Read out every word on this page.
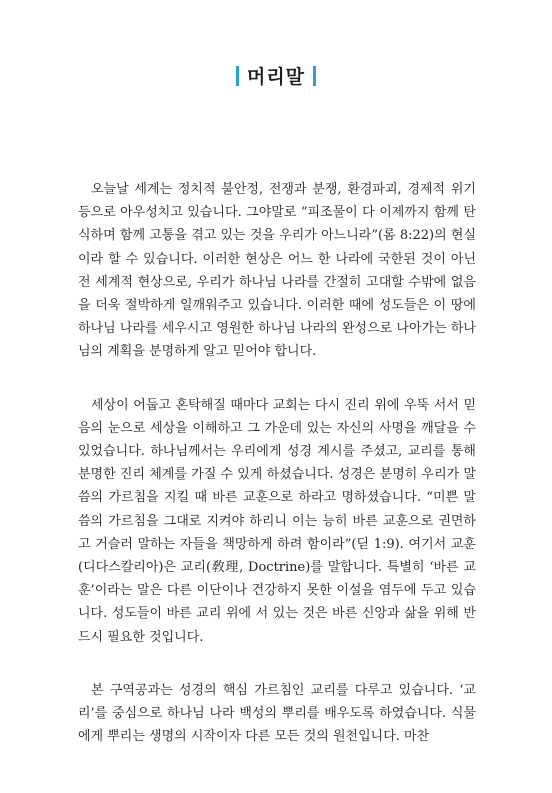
머리말

오늘날 세계는 정치적 불안정, 전쟁과 분쟁, 환경파괴, 경제적 위기 등으로 아우성치고 있습니다. 그야말로 “피조물이 다 이제까지 함께 탄식하며 함께 고통을 겪고 있는 것을 우리가 아느니라”(롬 8:22)의 현실이라 할 수 있습니다. 이러한 현상은 어느 한 나라에 국한된 것이 아닌 전 세계적 현상으로, 우리가 하나님 나라를 간절히 고대할 수밖에 없음을 더욱 절박하게 일깨워주고 있습니다. 이러한 때에 성도들은 이 땅에 하나님 나라를 세우시고 영원한 하나님 나라의 완성으로 나아가는 하나님의 계획을 분명하게 알고 믿어야 합니다.

세상이 어둡고 혼탁해질 때마다 교회는 다시 진리 위에 우뚝 서서 믿음의 눈으로 세상을 이해하고 그 가운데 있는 자신의 사명을 깨달을 수 있었습니다. 하나님께서는 우리에게 성경 계시를 주셨고, 교리를 통해 분명한 진리 체계를 가질 수 있게 하셨습니다. 성경은 분명히 우리가 말씀의 가르침을 지킬 때 바른 교훈으로 하라고 명하셨습니다. “미쁜 말씀의 가르침을 그대로 지켜야 하리니 이는 능히 바른 교훈으로 권면하고 거슬러 말하는 자들을 책망하게 하려 함이라”(딛 1:9). 여기서 교훈(디다스칼리아)은 교리(敎理, Doctrine)를 말합니다. 특별히 ‘바른 교훈’이라는 말은 다른 이단이나 건강하지 못한 이설을 염두에 두고 있습니다. 성도들이 바른 교리 위에 서 있는 것은 바른 신앙과 삶을 위해 반드시 필요한 것입니다.

본 구역공과는 성경의 핵심 가르침인 교리를 다루고 있습니다. ‘교리’를 중심으로 하나님 나라 백성의 뿌리를 배우도록 하였습니다. 식물에게 뿌리는 생명의 시작이자 다른 모든 것의 원천입니다. 마찬
